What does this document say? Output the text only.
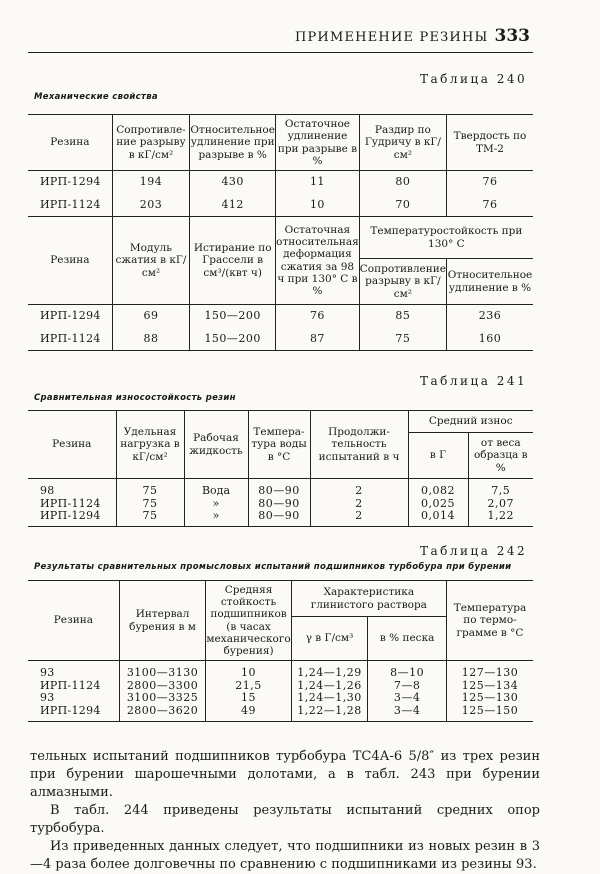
ПРИМЕНЕНИЕ РЕЗИНЫ 333
Таблица 240
Механические свойства
Резина	Сопротивле-ние разрыву в кГ/см²	Относительное удлинение при разрыве в %	Остаточное удлинение при разрыве в %	Раздир по Гудричу в кГ/см²	Твердость по ТМ-2
ИРП-1294	194	430	11	80	76
ИРП-1124	203	412	10	70	76
Резина	Модуль сжатия в кГ/см²	Истирание по Грассели в см³/(квт ч)	Остаточная относительная деформация сжатия за 98 ч при 130° С в %	Температуростойкость при 130° С	
				Сопротивление разрыву в кГ/см²	Относительное удлинение в %
ИРП-1294	69	150—200	76	85	236
ИРП-1124	88	150—200	87	75	160
Таблица 241
Сравнительная износостойкость резин
Резина	Удельная нагрузка в кГ/см²	Рабочая жидкость	Темпера-тура воды в °С	Продолжи-тельность испытаний в ч	Средний износ	
					в Г	от веса образца в %
98	75	Вода	80—90	2	0,082	7,5
ИРП-1124	75	»	80—90	2	0,025	2,07
ИРП-1294	75	»	80—90	2	0,014	1,22
Таблица 242
Результаты сравнительных промысловых испытаний подшипников турбобура при бурении
Резина	Интервал бурения в м	Средняя стойкость подшипников (в часах механического бурения)	Характеристика глинистого раствора		Температура по термо-грамме в °С
			γ в Г/см³	в % песка	
93	3100—3130	10	1,24—1,29	8—10	127—130
ИРП-1124	2800—3300	21,5	1,24—1,26	7—8	125—134
93	3100—3325	15	1,24—1,30	3—4	125—130
ИРП-1294	2800—3620	49	1,22—1,28	3—4	125—150

тельных испытаний подшипников турбобура ТС4А-6 5/8″ из трех резин при бурении шарошечными долотами, а в табл. 243 при бурении алмазными.

В табл. 244 приведены результаты испытаний средних опор турбобура.

Из приведенных данных следует, что подшипники из новых резин в 3—4 раза более долговечны по сравнению с подшипниками из резины 93.
